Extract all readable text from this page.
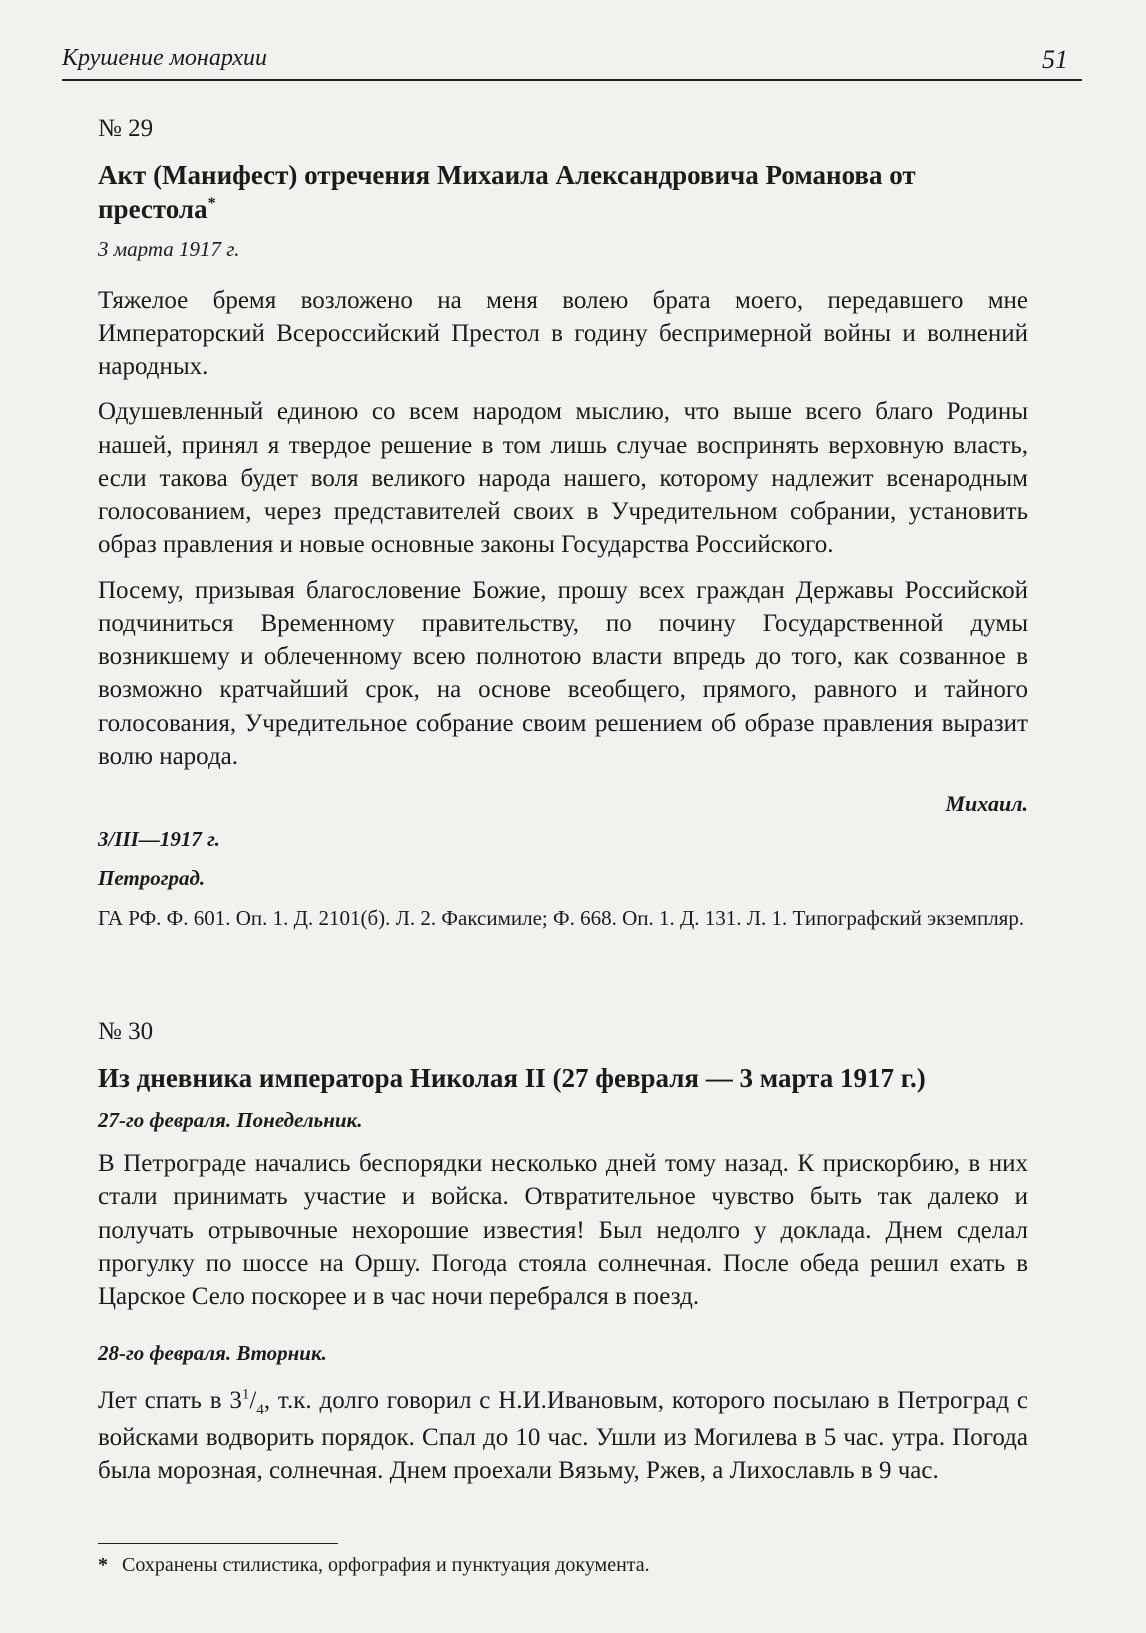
Крушение монархии	51
№ 29
Акт (Манифест) отречения Михаила Александровича Романова от престола*
3 марта 1917 г.

Тяжелое бремя возложено на меня волею брата моего, передавшего мне Императорский Всероссийский Престол в годину беспримерной войны и волнений народных.

Одушевленный единою со всем народом мыслию, что выше всего благо Родины нашей, принял я твердое решение в том лишь случае воспринять верховную власть, если такова будет воля великого народа нашего, которому надлежит всенародным голосованием, через представителей своих в Учредительном собрании, установить образ правления и новые основные законы Государства Российского.

Посему, призывая благословение Божие, прошу всех граждан Державы Российской подчиниться Временному правительству, по почину Государственной думы возникшему и облеченному всею полнотою власти впредь до того, как созванное в возможно кратчайший срок, на основе всеобщего, прямого, равного и тайного голосования, Учредительное собрание своим решением об образе правления выразит волю народа.

Михаил.
3/III—1917 г.
Петроград.
ГА РФ. Ф. 601. Оп. 1. Д. 2101(б). Л. 2. Факсимиле; Ф. 668. Оп. 1. Д. 131. Л. 1. Типографский экземпляр.
№ 30
Из дневника императора Николая II (27 февраля — 3 марта 1917 г.)
27-го февраля. Понедельник.

В Петрограде начались беспорядки несколько дней тому назад. К прискорбию, в них стали принимать участие и войска. Отвратительное чувство быть так далеко и получать отрывочные нехорошие известия! Был недолго у доклада. Днем сделал прогулку по шоссе на Оршу. Погода стояла солнечная. После обеда решил ехать в Царское Село поскорее и в час ночи перебрался в поезд.

28-го февраля. Вторник.

Лет спать в $3^1/_4$, т.к. долго говорил с Н.И.Ивановым, которого посылаю в Петроград с войсками водворить порядок. Спал до 10 час. Ушли из Могилева в 5 час. утра. Погода была морозная, солнечная. Днем проехали Вязьму, Ржев, а Лихославль в 9 час.

* Сохранены стилистика, орфография и пунктуация документа.
